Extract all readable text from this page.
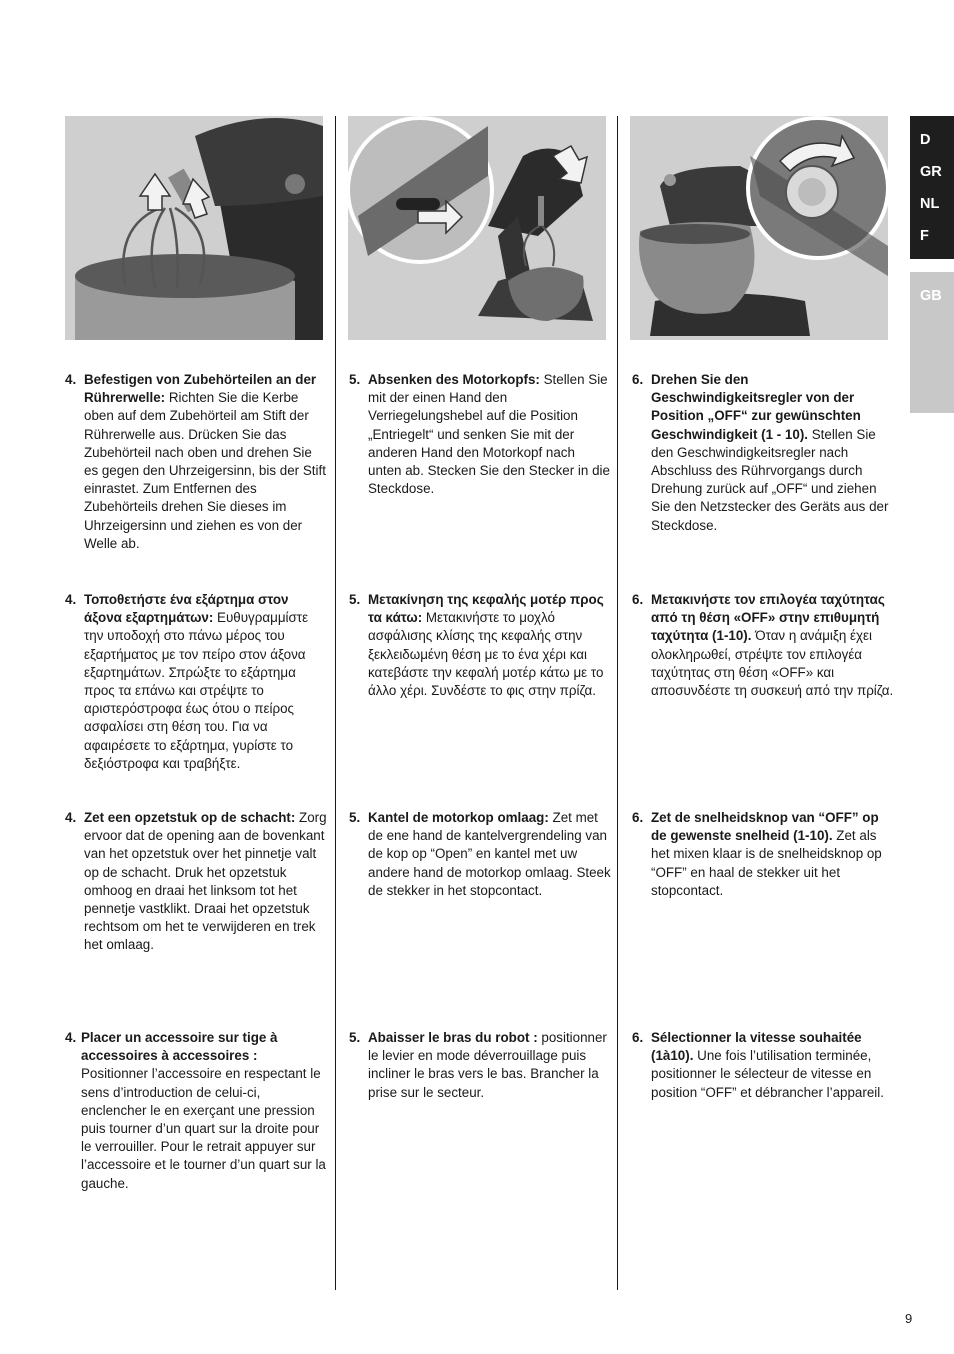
4. Befestigen von Zubehörteilen an der Rührerwelle: Richten Sie die Kerbe oben auf dem Zubehörteil am Stift der Rührerwelle aus. Drücken Sie das Zubehörteil nach oben und drehen Sie es gegen den Uhrzeigersinn, bis der Stift einrastet. Zum Entfernen des Zubehörteils drehen Sie dieses im Uhrzeigersinn und ziehen es von der Welle ab.
4. Τοποθετήστε ένα εξάρτημα στον άξονα εξαρτημάτων: Ευθυγραμμίστε την υποδοχή στο πάνω μέρος του εξαρτήματος με τον πείρο στον άξονα εξαρτημάτων. Σπρώξτε το εξάρτημα προς τα επάνω και στρέψτε το αριστερόστροφα έως ότου ο πείρος ασφαλίσει στη θέση του. Για να αφαιρέσετε το εξάρτημα, γυρίστε το δεξιόστροφα και τραβήξτε.
4. Zet een opzetstuk op de schacht: Zorg ervoor dat de opening aan de bovenkant van het opzetstuk over het pinnetje valt op de schacht. Druk het opzetstuk omhoog en draai het linksom tot het pennetje vastklikt. Draai het opzetstuk rechtsom om het te verwijderen en trek het omlaag.
4. Placer un accessoire sur tige à accessoires à accessoires : Positionner l’accessoire en respectant le sens d’introduction de celui-ci, enclencher le en exerçant une pression puis tourner d’un quart sur la droite pour le verrouiller. Pour le retrait appuyer sur l’accessoire et le tourner d’un quart sur la gauche.
5. Absenken des Motorkopfs: Stellen Sie mit der einen Hand den Verriegelungshebel auf die Position „Entriegelt“ und senken Sie mit der anderen Hand den Motorkopf nach unten ab. Stecken Sie den Stecker in die Steckdose.
5. Μετακίνηση της κεφαλής μοτέρ προς τα κάτω: Μετακινήστε το μοχλό ασφάλισης κλίσης της κεφαλής στην ξεκλειδωμένη θέση με το ένα χέρι και κατεβάστε την κεφαλή μοτέρ κάτω με το άλλο χέρι. Συνδέστε το φις στην πρίζα.
5. Kantel de motorkop omlaag: Zet met de ene hand de kantelvergrendeling van de kop op “Open” en kantel met uw andere hand de motorkop omlaag. Steek de stekker in het stopcontact.
5. Abaisser le bras du robot : positionner le levier en mode déverrouillage puis incliner le bras vers le bas. Brancher la prise sur le secteur.
6. Drehen Sie den Geschwindigkeitsregler von der Position „OFF“ zur gewünschten Geschwindigkeit (1 - 10). Stellen Sie den Geschwindigkeitsregler nach Abschluss des Rührvorgangs durch Drehung zurück auf „OFF“ und ziehen Sie den Netzstecker des Geräts aus der Steckdose.
6. Μετακινήστε τον επιλογέα ταχύτητας από τη θέση «OFF» στην επιθυμητή ταχύτητα (1-10). Όταν η ανάμιξη έχει ολοκληρωθεί, στρέψτε τον επιλογέα ταχύτητας στη θέση «OFF» και αποσυνδέστε τη συσκευή από την πρίζα.
6. Zet de snelheidsknop van “OFF” op de gewenste snelheid (1-10). Zet als het mixen klaar is de snelheidsknop op “OFF” en haal de stekker uit het stopcontact.
6. Sélectionner la vitesse souhaitée (1à10). Une fois l’utilisation terminée, positionner le sélecteur de vitesse en position “OFF” et débrancher l’appareil.
D
GR
NL
F
GB
9
